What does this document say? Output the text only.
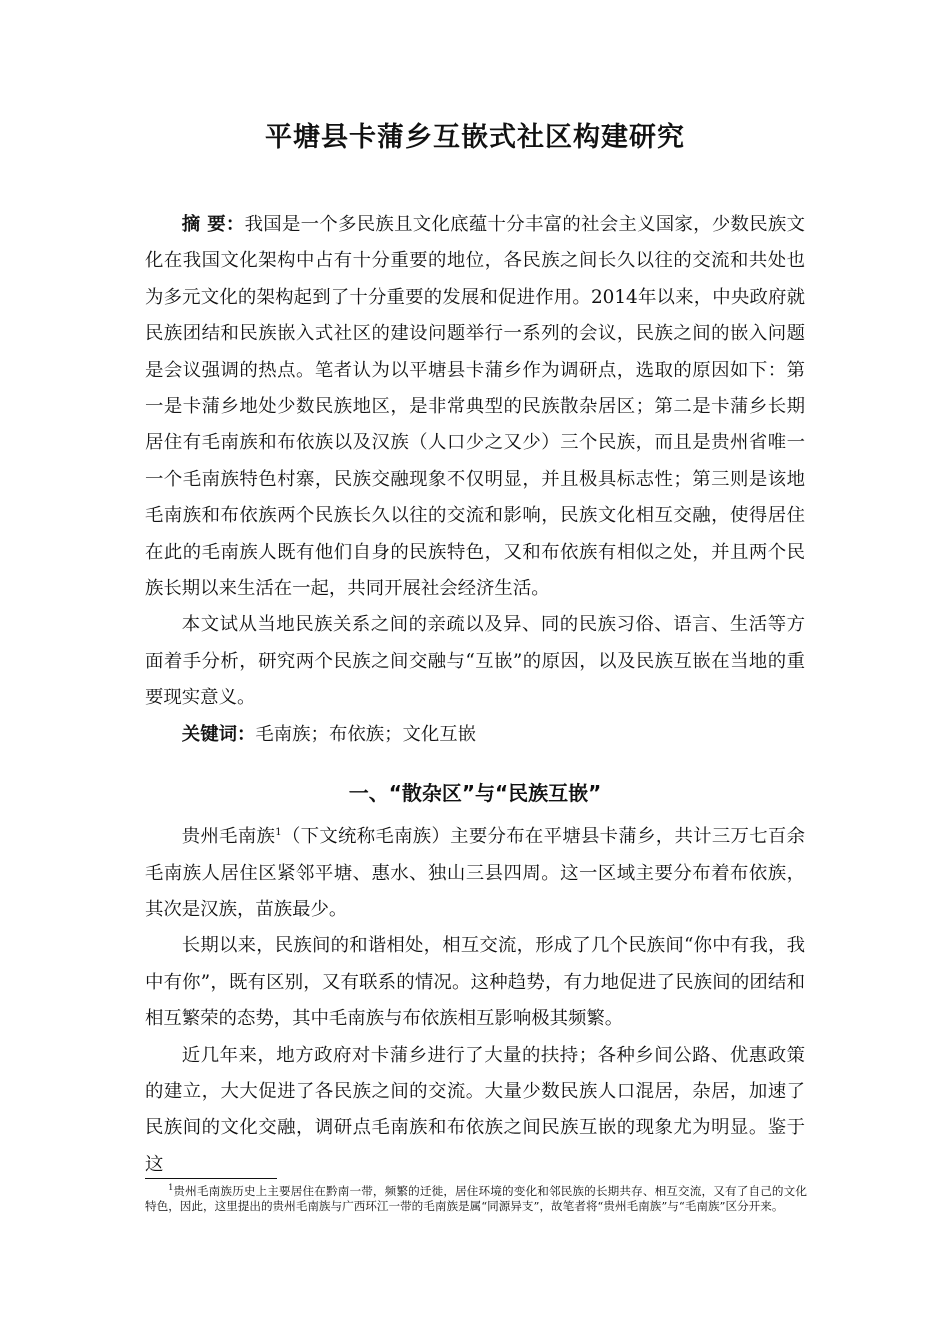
平塘县卡蒲乡互嵌式社区构建研究

摘 要：我国是一个多民族且文化底蕴十分丰富的社会主义国家，少数民族文化在我国文化架构中占有十分重要的地位，各民族之间长久以往的交流和共处也为多元文化的架构起到了十分重要的发展和促进作用。2014年以来，中央政府就民族团结和民族嵌入式社区的建设问题举行一系列的会议，民族之间的嵌入问题是会议强调的热点。笔者认为以平塘县卡蒲乡作为调研点，选取的原因如下：第一是卡蒲乡地处少数民族地区，是非常典型的民族散杂居区；第二是卡蒲乡长期居住有毛南族和布依族以及汉族（人口少之又少）三个民族，而且是贵州省唯一一个毛南族特色村寨，民族交融现象不仅明显，并且极具标志性；第三则是该地毛南族和布依族两个民族长久以往的交流和影响，民族文化相互交融，使得居住在此的毛南族人既有他们自身的民族特色，又和布依族有相似之处，并且两个民族长期以来生活在一起，共同开展社会经济生活。

本文试从当地民族关系之间的亲疏以及异、同的民族习俗、语言、生活等方面着手分析，研究两个民族之间交融与“互嵌”的原因，以及民族互嵌在当地的重要现实意义。

关键词：毛南族；布依族；文化互嵌

一、“散杂区”与“民族互嵌”

贵州毛南族$^1$（下文统称毛南族）主要分布在平塘县卡蒲乡，共计三万七百余毛南族人居住区紧邻平塘、惠水、独山三县四周。这一区域主要分布着布依族，其次是汉族，苗族最少。

长期以来，民族间的和谐相处，相互交流，形成了几个民族间“你中有我，我中有你”，既有区别，又有联系的情况。这种趋势，有力地促进了民族间的团结和相互繁荣的态势，其中毛南族与布依族相互影响极其频繁。

近几年来，地方政府对卡蒲乡进行了大量的扶持；各种乡间公路、优惠政策的建立，大大促进了各民族之间的交流。大量少数民族人口混居，杂居，加速了民族间的文化交融，调研点毛南族和布依族之间民族互嵌的现象尤为明显。鉴于这

$^1$贵州毛南族历史上主要居住在黔南一带，频繁的迁徙，居住环境的变化和邻民族的长期共存、相互交流，又有了自己的文化特色，因此，这里提出的贵州毛南族与广西环江一带的毛南族是属“同源异支”，故笔者将“贵州毛南族”与“毛南族”区分开来。
